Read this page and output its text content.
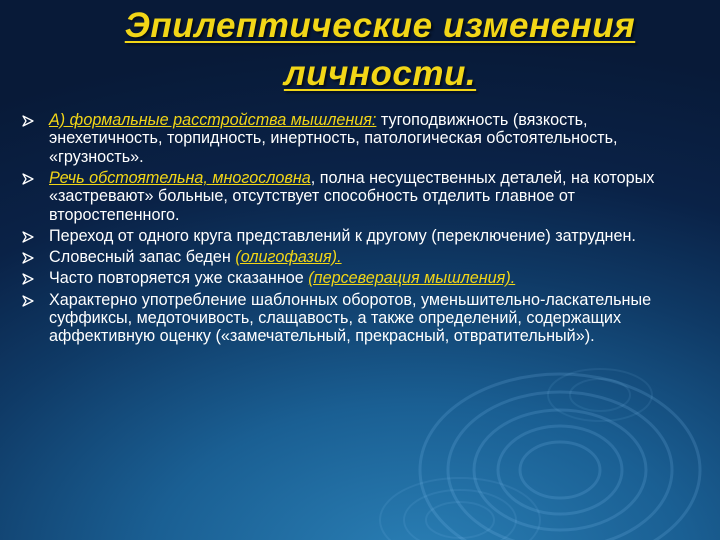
Эпилептические изменения
личности.
А) формальные расстройства мышления: тугоподвижность (вязкость, энехетичность, торпидность, инертность, патологическая обстоятельность, «грузность».
Речь обстоятельна, многословна, полна несущественных деталей, на которых «застревают» больные, отсутствует способность отделить главное от второстепенного.
Переход от одного круга представлений к другому (переключение) затруднен.
Словесный запас беден (олигофазия).
Часто повторяется уже сказанное (персеверация мышления).
Характерно употребление шаблонных оборотов, уменьшительно-ласкательные суффиксы, медоточивость, слащавость, а также определений, содержащих аффективную оценку («замечательный, прекрасный, отвратительный»).
